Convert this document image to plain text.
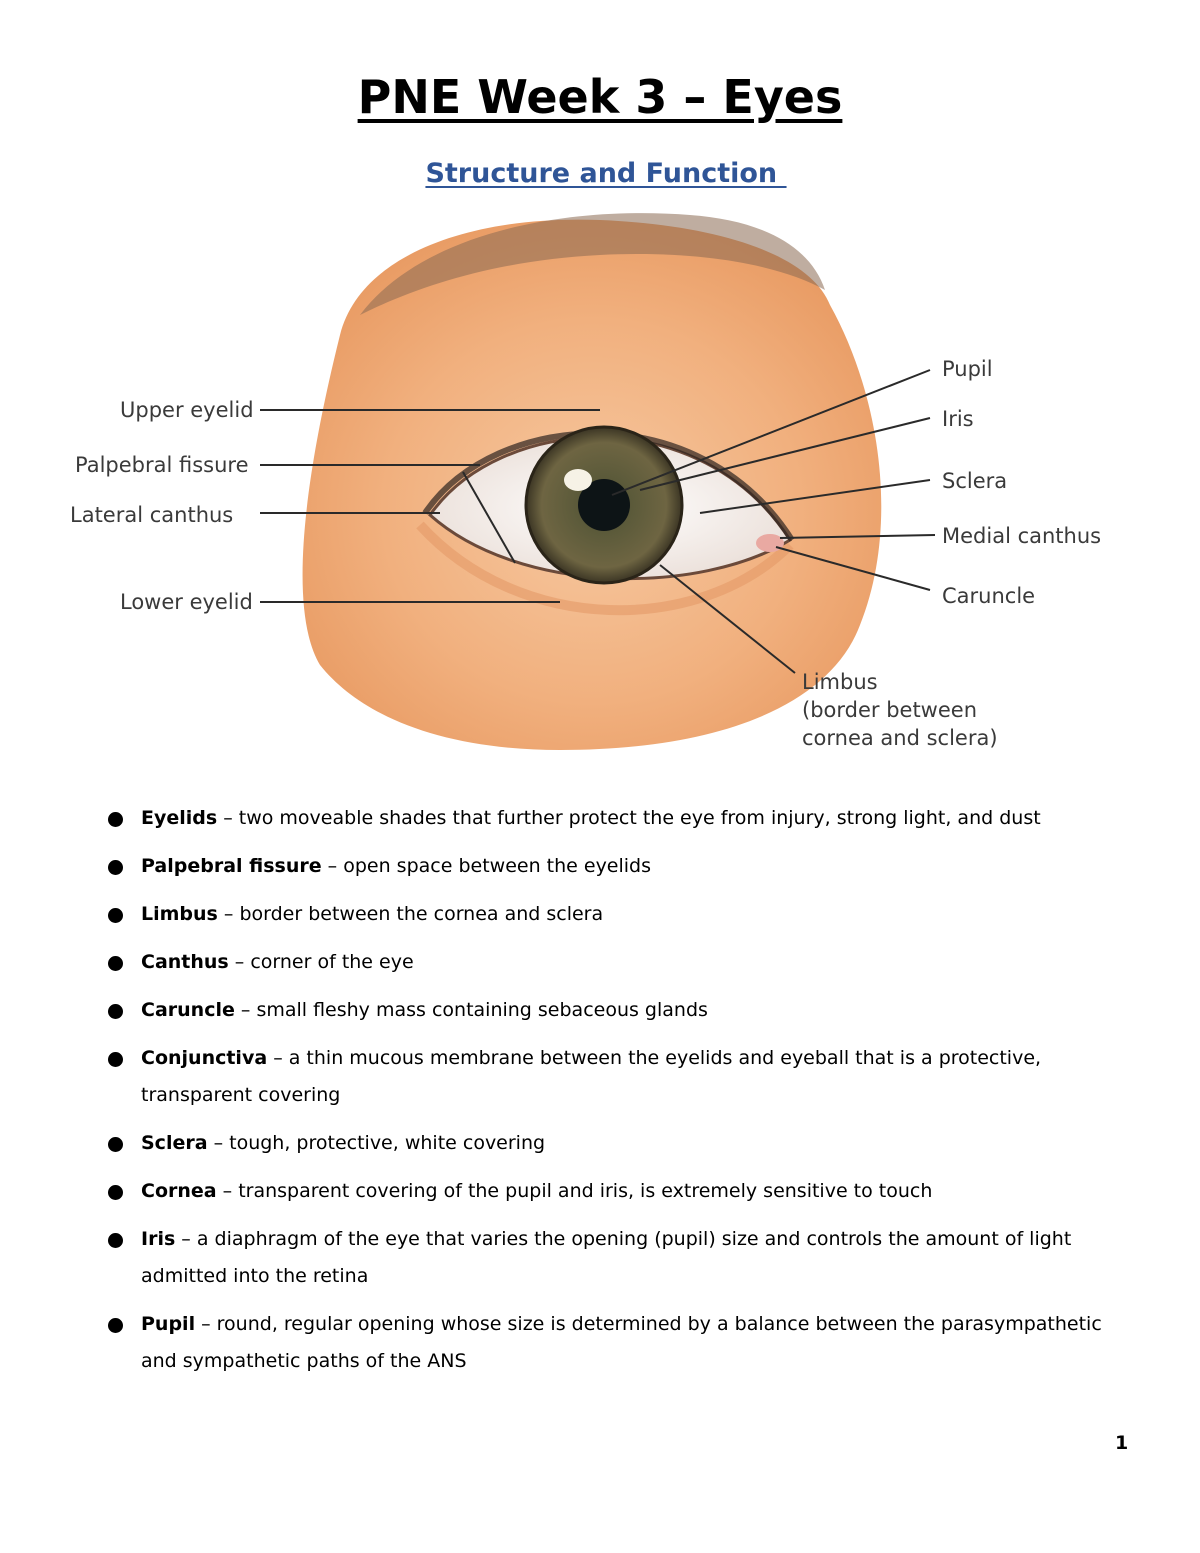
PNE Week 3 – Eyes
Structure and Function
Upper eyelid
Palpebral fissure
Lateral canthus
Lower eyelid
Pupil
Iris
Sclera
Medial canthus
Caruncle
Limbus
(border between
cornea and sclera)
Eyelids – two moveable shades that further protect the eye from injury, strong light, and dust
Palpebral fissure – open space between the eyelids
Limbus – border between the cornea and sclera
Canthus – corner of the eye
Caruncle – small fleshy mass containing sebaceous glands
Conjunctiva – a thin mucous membrane between the eyelids and eyeball that is a protective, transparent covering
Sclera – tough, protective, white covering
Cornea – transparent covering of the pupil and iris, is extremely sensitive to touch
Iris – a diaphragm of the eye that varies the opening (pupil) size and controls the amount of light admitted into the retina
Pupil – round, regular opening whose size is determined by a balance between the parasympathetic and sympathetic paths of the ANS
1
